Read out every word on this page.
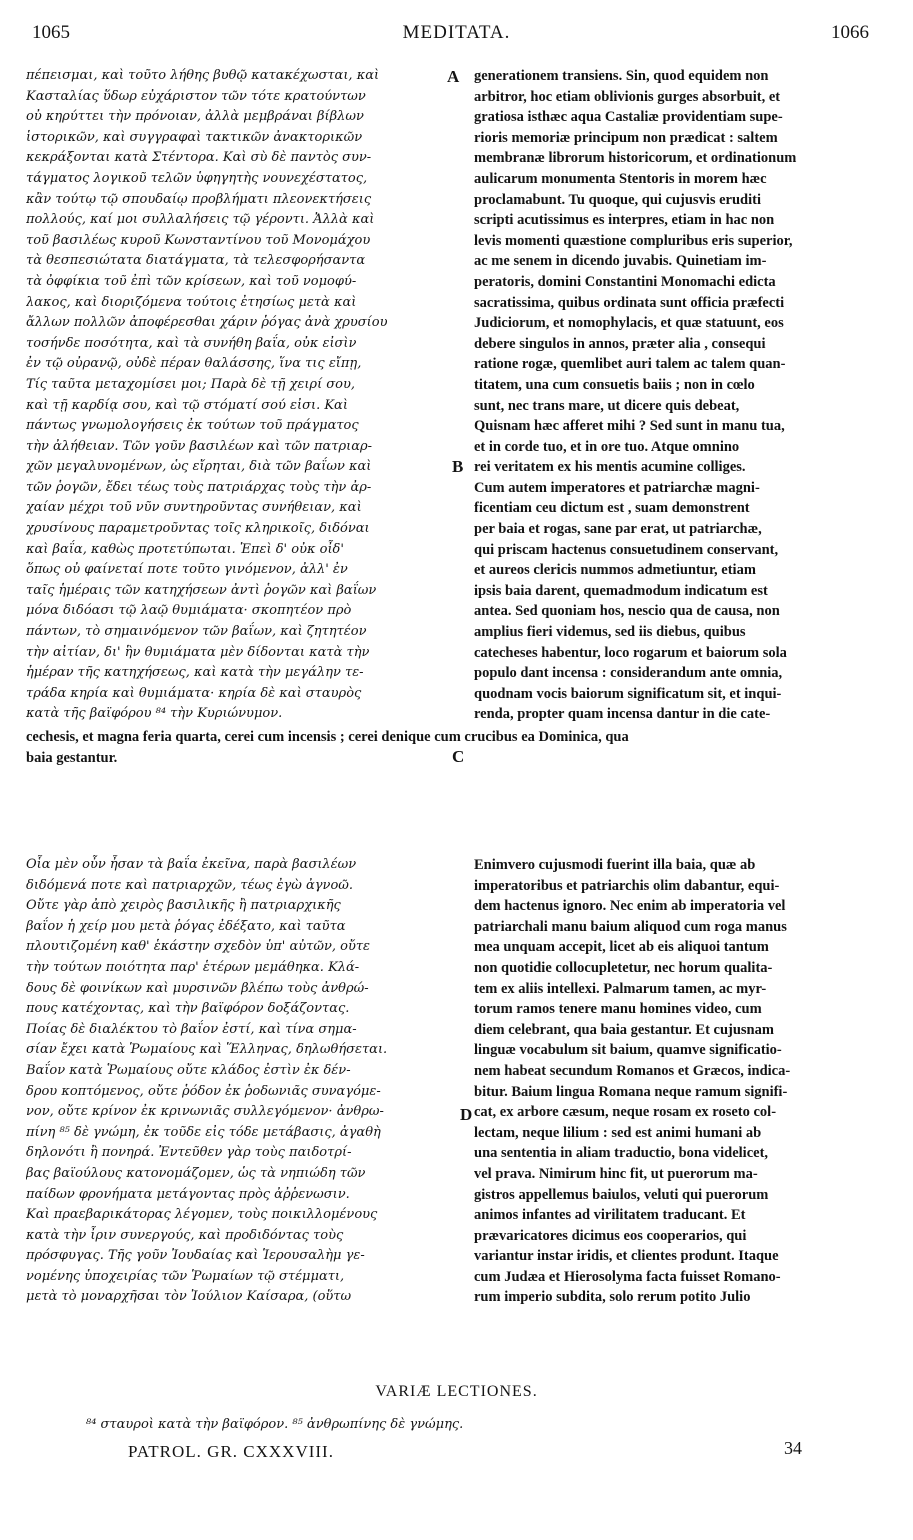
1065	MEDITATA.	1066
πέπεισμαι, καὶ τοῦτο λήθης βυθῷ κατακέχωσται, καὶ
Κασταλίας ὕδωρ εὐχάριστον τῶν τότε κρατούντων
οὐ κηρύττει τὴν πρόνοιαν, ἀλλὰ μεμβράναι βίβλων
ἱστορικῶν, καὶ συγγραφαὶ τακτικῶν ἀνακτορικῶν
κεκράξονται κατὰ Στέντορα. Καὶ σὺ δὲ παντὸς συν-
τάγματος λογικοῦ τελῶν ὑφηγητὴς νουνεχέστατος,
κἂν τούτῳ τῷ σπουδαίῳ προβλήματι πλεονεκτήσεις
πολλούς, καί μοι συλλαλήσεις τῷ γέροντι. Ἀλλὰ καὶ
τοῦ βασιλέως κυροῦ Κωνσταντίνου τοῦ Μονομάχου
τὰ θεσπεσιώτατα διατάγματα, τὰ τελεσφορήσαντα
τὰ ὀφφίκια τοῦ ἐπὶ τῶν κρίσεων, καὶ τοῦ νομοφύ-
λακος, καὶ διοριζόμενα τούτοις ἐτησίως μετὰ καὶ
ἄλλων πολλῶν ἀποφέρεσθαι χάριν ῥόγας ἀνὰ χρυσίου
τοσήνδε ποσότητα, καὶ τὰ συνήθη βαΐα, οὐκ εἰσὶν
ἐν τῷ οὐρανῷ, οὐδὲ πέραν θαλάσσης, ἵνα τις εἴπῃ,
Τίς ταῦτα μεταχομίσει μοι; Παρὰ δὲ τῇ χειρί σου,
καὶ τῇ καρδίᾳ σου, καὶ τῷ στόματί σού εἰσι. Καὶ
πάντως γνωμολογήσεις ἐκ τούτων τοῦ πράγματος
τὴν ἀλήθειαν. Τῶν γοῦν βασιλέων καὶ τῶν πατριαρ-
χῶν μεγαλυνομένων, ὡς εἴρηται, διὰ τῶν βαΐων καὶ
τῶν ῥογῶν, ἔδει τέως τοὺς πατριάρχας τοὺς τὴν ἀρ-
χαίαν μέχρι τοῦ νῦν συντηροῦντας συνήθειαν, καὶ
χρυσίνους παραμετροῦντας τοῖς κληρικοῖς, διδόναι
καὶ βαΐα, καθὼς προτετύπωται. Ἐπεὶ δ' οὐκ οἶδ'
ὅπως οὐ φαίνεταί ποτε τοῦτο γινόμενον, ἀλλ' ἐν
ταῖς ἡμέραις τῶν κατηχήσεων ἀντὶ ῥογῶν καὶ βαΐων
μόνα διδόασι τῷ λαῷ θυμιάματα· σκοπητέον πρὸ
πάντων, τὸ σημαινόμενον τῶν βαΐων, καὶ ζητητέον
τὴν αἰτίαν, δι' ἣν θυμιάματα μὲν δίδονται κατὰ τὴν
ἡμέραν τῆς κατηχήσεως, καὶ κατὰ τὴν μεγάλην τε-
τράδα κηρία καὶ θυμιάματα· κηρία δὲ καὶ σταυρὸς
κατὰ τῆς βαϊφόρου ⁸⁴ τὴν Κυριώνυμον.
generationem transiens. Sin, quod equidem non
arbitror, hoc etiam oblivionis gurges absorbuit, et
gratiosa isthæc aqua Castaliæ providentiam supe-
rioris memoriæ principum non prædicat : saltem
membranæ librorum historicorum, et ordinationum
aulicarum monumenta Stentoris in morem hæc
proclamabunt. Tu quoque, qui cujusvis eruditi
scripti acutissimus es interpres, etiam in hac non
levis momenti quæstione compluribus eris superior,
ac me senem in dicendo juvabis. Quinetiam im-
peratoris, domini Constantini Monomachi edicta
sacratissima, quibus ordinata sunt officia præfecti
Judiciorum, et nomophylacis, et quæ statuunt, eos
debere singulos in annos, præter alia , consequi
ratione rogæ, quemlibet auri talem ac talem quan-
titatem, una cum consuetis baiis ; non in cœlo
sunt, nec trans mare, ut dicere quis debeat,
Quisnam hæc afferet mihi ? Sed sunt in manu tua,
et in corde tuo, et in ore tuo. Atque omnino
rei veritatem ex his mentis acumine colliges.
Cum autem imperatores et patriarchæ magni-
ficentiam ceu dictum est , suam demonstrent
per baia et rogas, sane par erat, ut patriarchæ,
qui priscam hactenus consuetudinem conservant,
et aureos clericis nummos admetiuntur, etiam
ipsis baia darent, quemadmodum indicatum est
antea. Sed quoniam hos, nescio qua de causa, non
amplius fieri videmus, sed iis diebus, quibus
catecheses habentur, loco rogarum et baiorum sola
populo dant incensa : considerandum ante omnia,
quodnam vocis baiorum significatum sit, et inqui-
renda, propter quam incensa dantur in die cate-
cechesis, et magna feria quarta, cerei cum incensis ; cerei denique cum crucibus ea Dominica, qua
baia gestantur.
Οἷα μὲν οὖν ἦσαν τὰ βαΐα ἐκεῖνα, παρὰ βασιλέων
διδόμενά ποτε καὶ πατριαρχῶν, τέως ἐγὼ ἀγνοῶ.
Οὔτε γὰρ ἀπὸ χειρὸς βασιλικῆς ἢ πατριαρχικῆς
βαΐον ἡ χείρ μου μετὰ ῥόγας ἐδέξατο, καὶ ταῦτα
πλουτιζομένη καθ' ἑκάστην σχεδὸν ὑπ' αὐτῶν, οὔτε
τὴν τούτων ποιότητα παρ' ἑτέρων μεμάθηκα. Κλά-
δους δὲ φοινίκων καὶ μυρσινῶν βλέπω τοὺς ἀνθρώ-
πους κατέχοντας, καὶ τὴν βαϊφόρον δοξάζοντας.
Ποίας δὲ διαλέκτου τὸ βαΐον ἐστί, καὶ τίνα σημα-
σίαν ἔχει κατὰ Ῥωμαίους καὶ Ἕλληνας, δηλωθήσεται.
Βαΐον κατὰ Ῥωμαίους οὔτε κλάδος ἐστὶν ἐκ δέν-
δρου κοπτόμενος, οὔτε ῥόδον ἐκ ῥοδωνιᾶς συναγόμε-
νον, οὔτε κρίνον ἐκ κρινωνιᾶς συλλεγόμενον· ἀνθρω-
πίνη ⁸⁵ δὲ γνώμη, ἐκ τοῦδε εἰς τόδε μετάβασις, ἀγαθὴ
δηλονότι ἢ πονηρά. Ἐντεῦθεν γὰρ τοὺς παιδοτρί-
βας βαϊούλους κατονομάζομεν, ὡς τὰ νηπιώδη τῶν
παίδων φρονήματα μετάγοντας πρὸς ἀῤῥενωσιν.
Καὶ πραεβαρικάτορας λέγομεν, τοὺς ποικιλλομένους
κατὰ τὴν ἶριν συνεργούς, καὶ προδιδόντας τοὺς
πρόσφυγας. Τῆς γοῦν Ἰουδαίας καὶ Ἱερουσαλὴμ γε-
νομένης ὑποχειρίας τῶν Ῥωμαίων τῷ στέμματι,
μετὰ τὸ μοναρχῆσαι τὸν Ἰούλιον Καίσαρα, (οὕτω
Enimvero cujusmodi fuerint illa baia, quæ ab
imperatoribus et patriarchis olim dabantur, equi-
dem hactenus ignoro. Nec enim ab imperatoria vel
patriarchali manu baium aliquod cum roga manus
mea unquam accepit, licet ab eis aliquoi tantum
non quotidie collocupletetur, nec horum qualita-
tem ex aliis intellexi. Palmarum tamen, ac myr-
torum ramos tenere manu homines video, cum
diem celebrant, qua baia gestantur. Et cujusnam
linguæ vocabulum sit baium, quamve significatio-
nem habeat secundum Romanos et Græcos, indica-
bitur. Baium lingua Romana neque ramum signifi-
cat, ex arbore cæsum, neque rosam ex roseto col-
lectam, neque lilium : sed est animi humani ab
una sententia in aliam traductio, bona videlicet,
vel prava. Nimirum hinc fit, ut puerorum ma-
gistros appellemus baiulos, veluti qui puerorum
animos infantes ad virilitatem traducant. Et
prævaricatores dicimus eos cooperarios, qui
variantur instar iridis, et clientes produnt. Itaque
cum Judæa et Hierosolyma facta fuisset Romano-
rum imperio subdita, solo rerum potito Julio
A
B
C
D
VARIÆ LECTIONES.
⁸⁴ σταυροὶ κατὰ τὴν βαϊφόρον. ⁸⁵ ἀνθρωπίνης δὲ γνώμης.
PATROL. GR. CXXXVIII.	34
